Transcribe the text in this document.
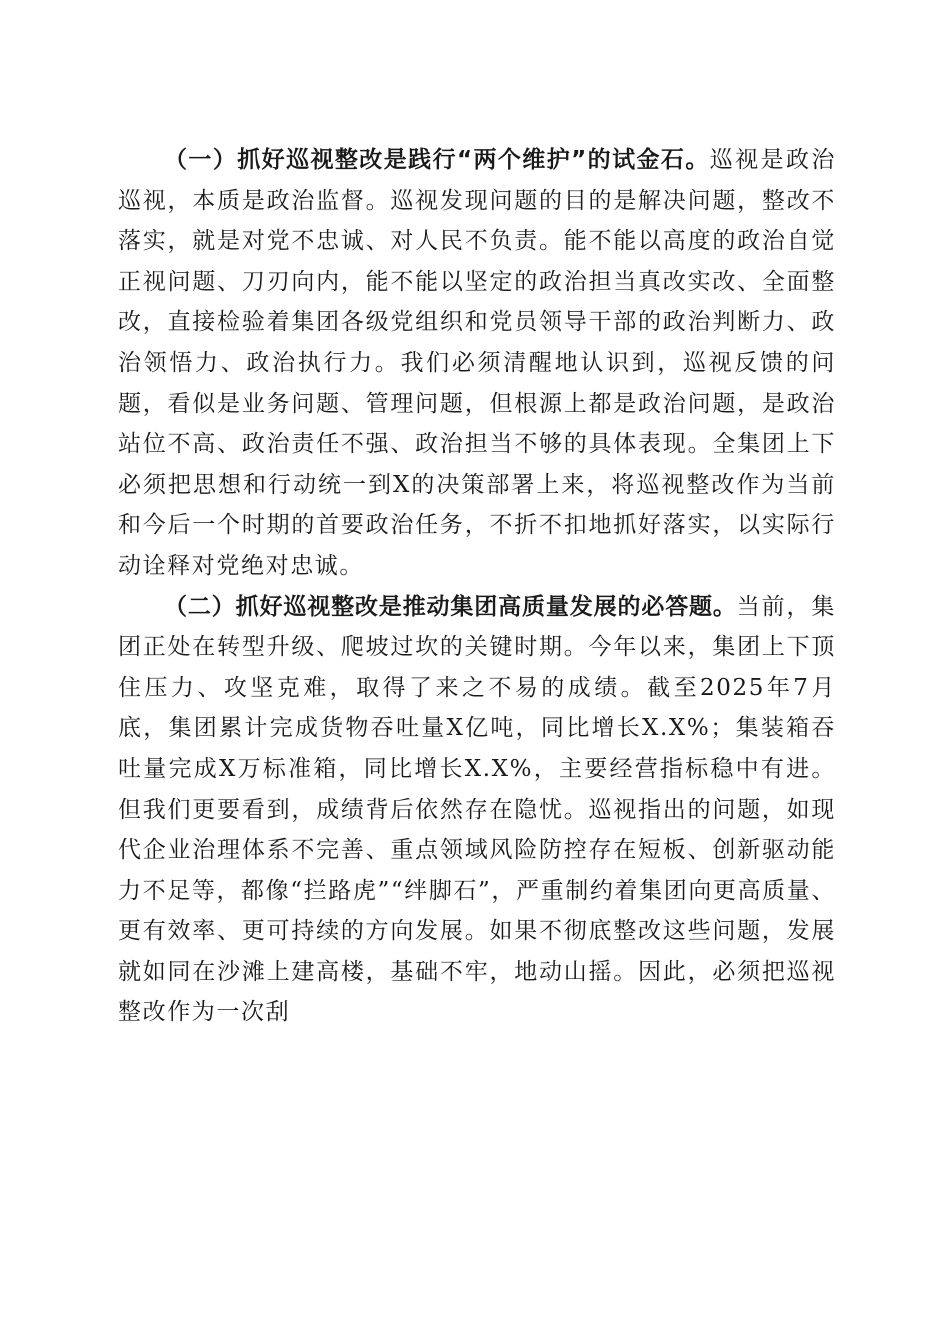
（一）抓好巡视整改是践行“两个维护”的试金石。巡视是政治巡视，本质是政治监督。巡视发现问题的目的是解决问题，整改不落实，就是对党不忠诚、对人民不负责。能不能以高度的政治自觉正视问题、刀刃向内，能不能以坚定的政治担当真改实改、全面整改，直接检验着集团各级党组织和党员领导干部的政治判断力、政治领悟力、政治执行力。我们必须清醒地认识到，巡视反馈的问题，看似是业务问题、管理问题，但根源上都是政治问题，是政治站位不高、政治责任不强、政治担当不够的具体表现。全集团上下必须把思想和行动统一到X的决策部署上来，将巡视整改作为当前和今后一个时期的首要政治任务，不折不扣地抓好落实，以实际行动诠释对党绝对忠诚。

（二）抓好巡视整改是推动集团高质量发展的必答题。当前，集团正处在转型升级、爬坡过坎的关键时期。今年以来，集团上下顶住压力、攻坚克难，取得了来之不易的成绩。截至2025年7月底，集团累计完成货物吞吐量X亿吨，同比增长X.X%；集装箱吞吐量完成X万标准箱，同比增长X.X%，主要经营指标稳中有进。但我们更要看到，成绩背后依然存在隐忧。巡视指出的问题，如现代企业治理体系不完善、重点领域风险防控存在短板、创新驱动能力不足等，都像“拦路虎”“绊脚石”，严重制约着集团向更高质量、更有效率、更可持续的方向发展。如果不彻底整改这些问题，发展就如同在沙滩上建高楼，基础不牢，地动山摇。因此，必须把巡视整改作为一次刮
